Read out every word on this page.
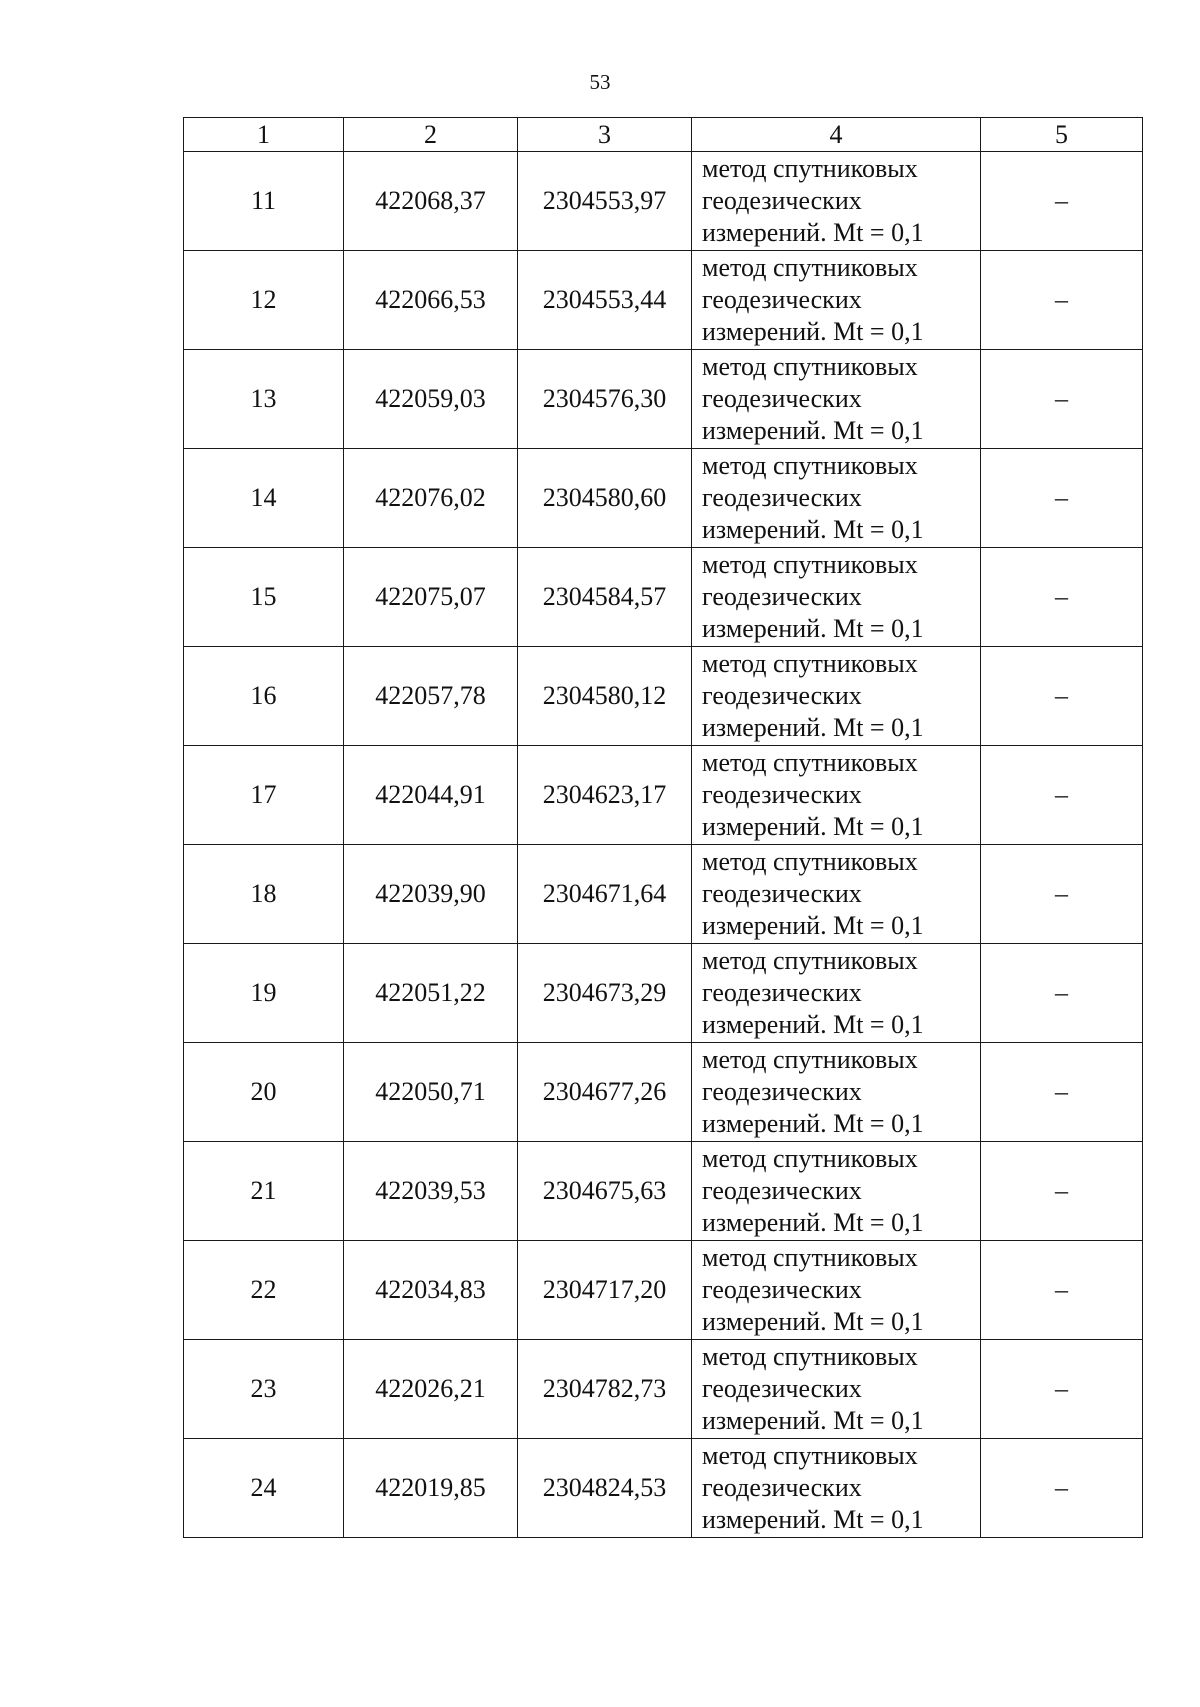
53
1	2	3	4	5
11	422068,37	2304553,97	метод спутниковых
геодезических
измерений. Mt = 0,1	–
12	422066,53	2304553,44	метод спутниковых
геодезических
измерений. Mt = 0,1	–
13	422059,03	2304576,30	метод спутниковых
геодезических
измерений. Mt = 0,1	–
14	422076,02	2304580,60	метод спутниковых
геодезических
измерений. Mt = 0,1	–
15	422075,07	2304584,57	метод спутниковых
геодезических
измерений. Mt = 0,1	–
16	422057,78	2304580,12	метод спутниковых
геодезических
измерений. Mt = 0,1	–
17	422044,91	2304623,17	метод спутниковых
геодезических
измерений. Mt = 0,1	–
18	422039,90	2304671,64	метод спутниковых
геодезических
измерений. Mt = 0,1	–
19	422051,22	2304673,29	метод спутниковых
геодезических
измерений. Mt = 0,1	–
20	422050,71	2304677,26	метод спутниковых
геодезических
измерений. Mt = 0,1	–
21	422039,53	2304675,63	метод спутниковых
геодезических
измерений. Mt = 0,1	–
22	422034,83	2304717,20	метод спутниковых
геодезических
измерений. Mt = 0,1	–
23	422026,21	2304782,73	метод спутниковых
геодезических
измерений. Mt = 0,1	–
24	422019,85	2304824,53	метод спутниковых
геодезических
измерений. Mt = 0,1	–
